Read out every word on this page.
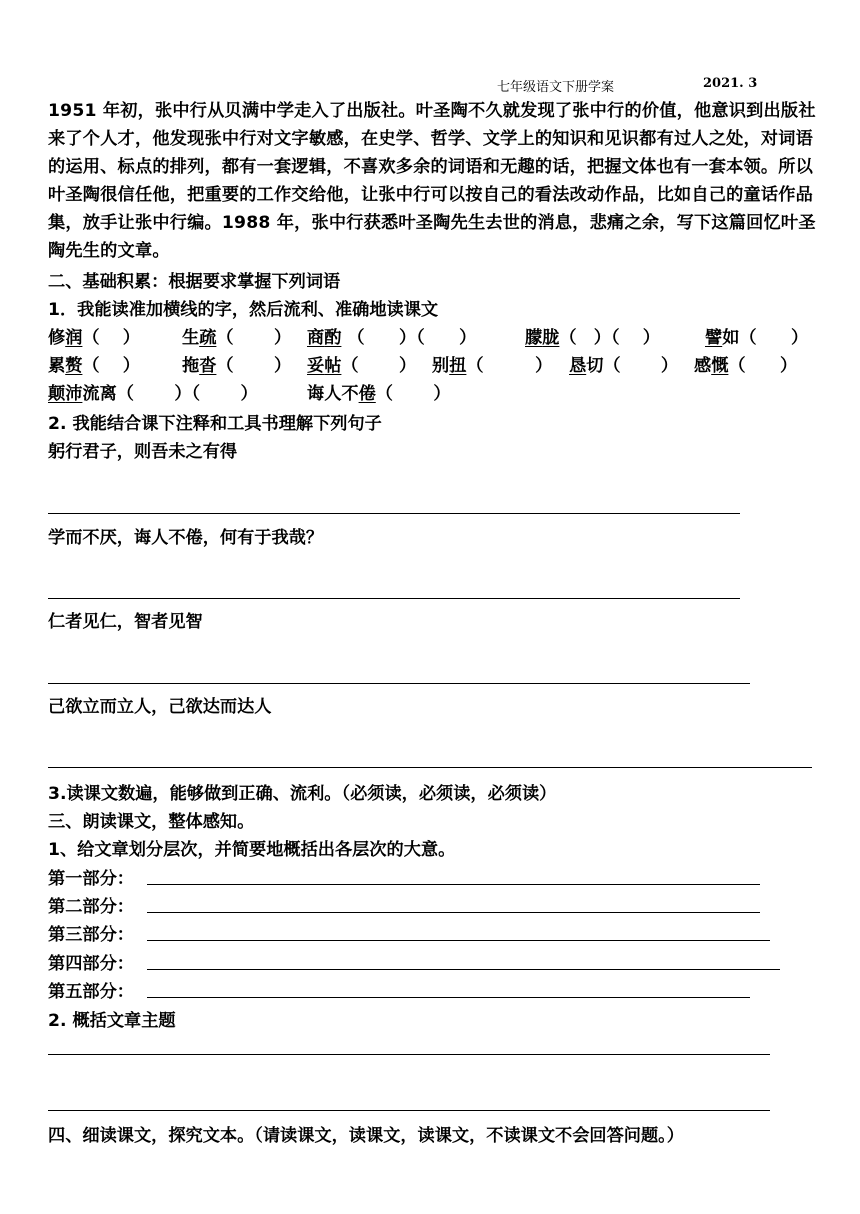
七年级语文下册学案	2021. 3
1951 年初，张中行从贝满中学走入了出版社。叶圣陶不久就发现了张中行的价值，他意识到出版社来了个人才，他发现张中行对文字敏感，在史学、哲学、文学上的知识和见识都有过人之处，对词语的运用、标点的排列，都有一套逻辑，不喜欢多余的词语和无趣的话，把握文体也有一套本领。所以叶圣陶很信任他，把重要的工作交给他，让张中行可以按自己的看法改动作品，比如自己的童话作品集，放手让张中行编。1988 年，张中行获悉叶圣陶先生去世的消息，悲痛之余，写下这篇回忆叶圣陶先生的文章。
二、基础积累：根据要求掌握下列词语
1．我能读准加横线的字，然后流利、准确地读课文
修润（　 ） 生疏（　　 ） 商酌 （　　）（　　）	朦胧（　）（　 ）	譬如（　　）
累赘（　 ） 拖沓（　　 ） 妥帖（　　 ） 别扭（　　　） 恳切（　　 ） 感慨（　　）
颠沛流离（　　 ）（　　 ）	诲人不倦（　　 ）
2. 我能结合课下注释和工具书理解下列句子
躬行君子，则吾未之有得
学而不厌，诲人不倦，何有于我哉？
仁者见仁，智者见智
己欲立而立人，己欲达而达人
3.读课文数遍，能够做到正确、流利。（必须读，必须读，必须读）
三、朗读课文，整体感知。
1、给文章划分层次，并简要地概括出各层次的大意。
第一部分：
第二部分：
第三部分：
第四部分：
第五部分：
2. 概括文章主题
四、细读课文，探究文本。（请读课文，读课文，读课文，不读课文不会回答问题。）
